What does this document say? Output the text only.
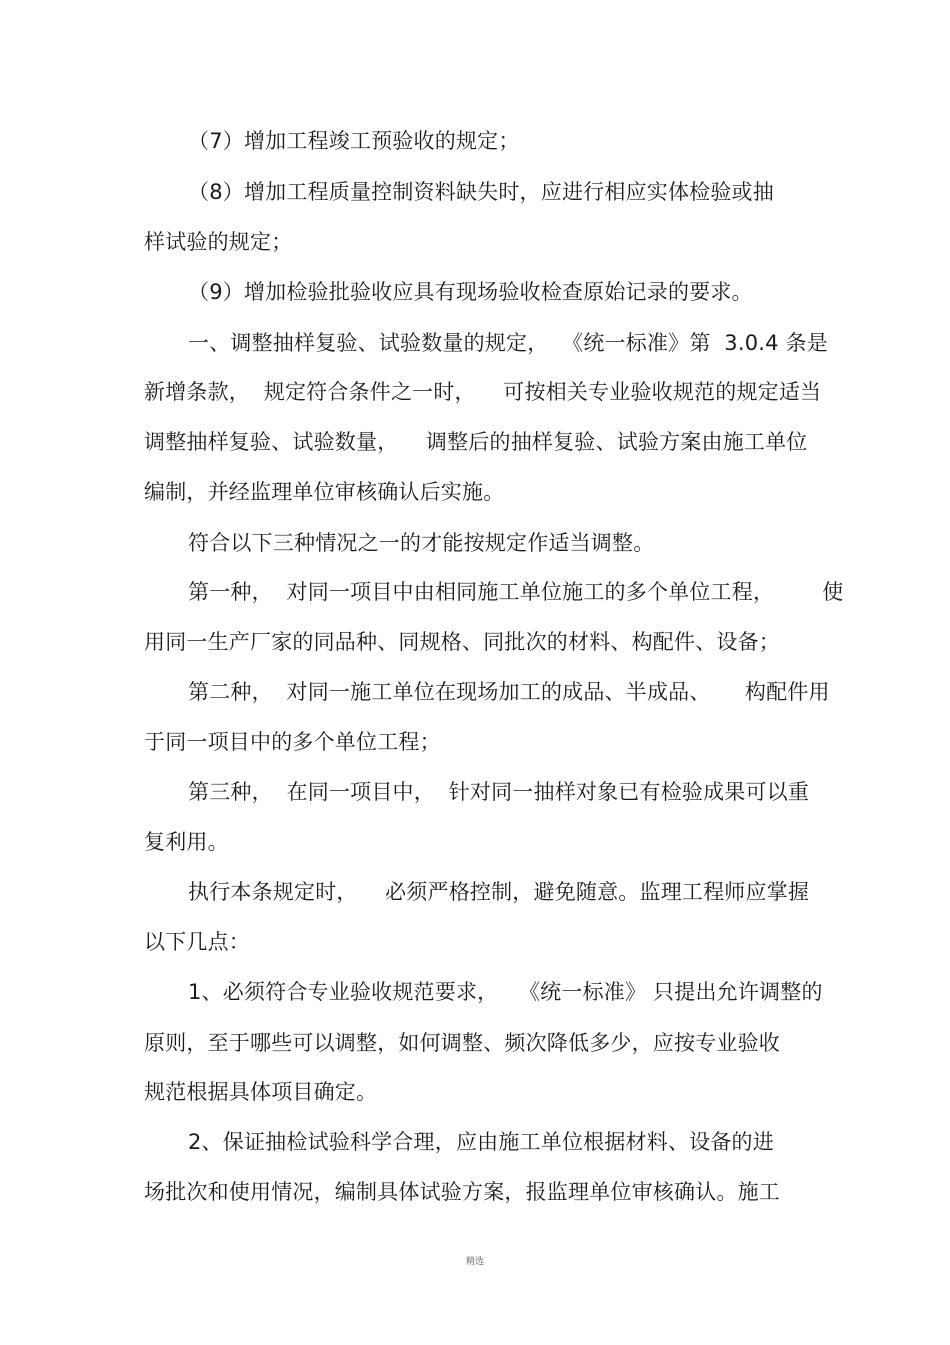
（7）增加工程竣工预验收的规定；
（8）增加工程质量控制资料缺失时，应进行相应实体检验或抽
样试验的规定；
（9）增加检验批验收应具有现场验收检查原始记录的要求。
一、调整抽样复验、试验数量的规定，  《统一标准》第  3.0.4 条是
新增条款，  规定符合条件之一时，    可按相关专业验收规范的规定适当
调整抽样复验、试验数量，    调整后的抽样复验、试验方案由施工单位
编制，并经监理单位审核确认后实施。
符合以下三种情况之一的才能按规定作适当调整。
第一种，  对同一项目中由相同施工单位施工的多个单位工程，       使
用同一生产厂家的同品种、同规格、同批次的材料、构配件、设备；
第二种，  对同一施工单位在现场加工的成品、半成品、     构配件用
于同一项目中的多个单位工程；
第三种，  在同一项目中，  针对同一抽样对象已有检验成果可以重
复利用。
执行本条规定时，    必须严格控制，避免随意。监理工程师应掌握
以下几点：
1、必须符合专业验收规范要求，   《统一标准》 只提出允许调整的
原则，至于哪些可以调整，如何调整、频次降低多少，应按专业验收
规范根据具体项目确定。
2、保证抽检试验科学合理，应由施工单位根据材料、设备的进
场批次和使用情况，编制具体试验方案，报监理单位审核确认。施工
精选
